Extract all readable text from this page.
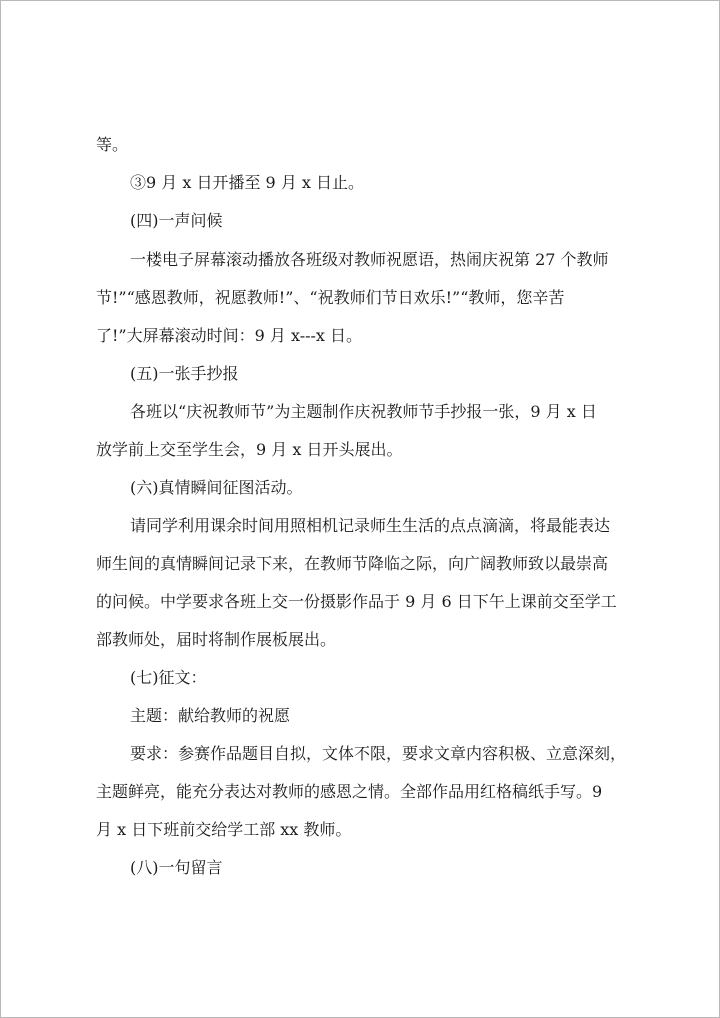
等。
③9 月 x 日开播至 9 月 x 日止。
(四)一声问候
一楼电子屏幕滚动播放各班级对教师祝愿语，热闹庆祝第 27 个教师
节!”“感恩教师，祝愿教师!”、“祝教师们节日欢乐!”“教师，您辛苦
了!”大屏幕滚动时间：9 月 x---x 日。
(五)一张手抄报
各班以“庆祝教师节”为主题制作庆祝教师节手抄报一张，9 月 x 日
放学前上交至学生会，9 月 x 日开头展出。
(六)真情瞬间征图活动。
请同学利用课余时间用照相机记录师生生活的点点滴滴，将最能表达
师生间的真情瞬间记录下来，在教师节降临之际，向广阔教师致以最崇高
的问候。中学要求各班上交一份摄影作品于 9 月 6 日下午上课前交至学工
部教师处，届时将制作展板展出。
(七)征文：
主题：献给教师的祝愿
要求：参赛作品题目自拟，文体不限，要求文章内容积极、立意深刻，
主题鲜亮，能充分表达对教师的感恩之情。全部作品用红格稿纸手写。9
月 x 日下班前交给学工部 xx 教师。
(八)一句留言
